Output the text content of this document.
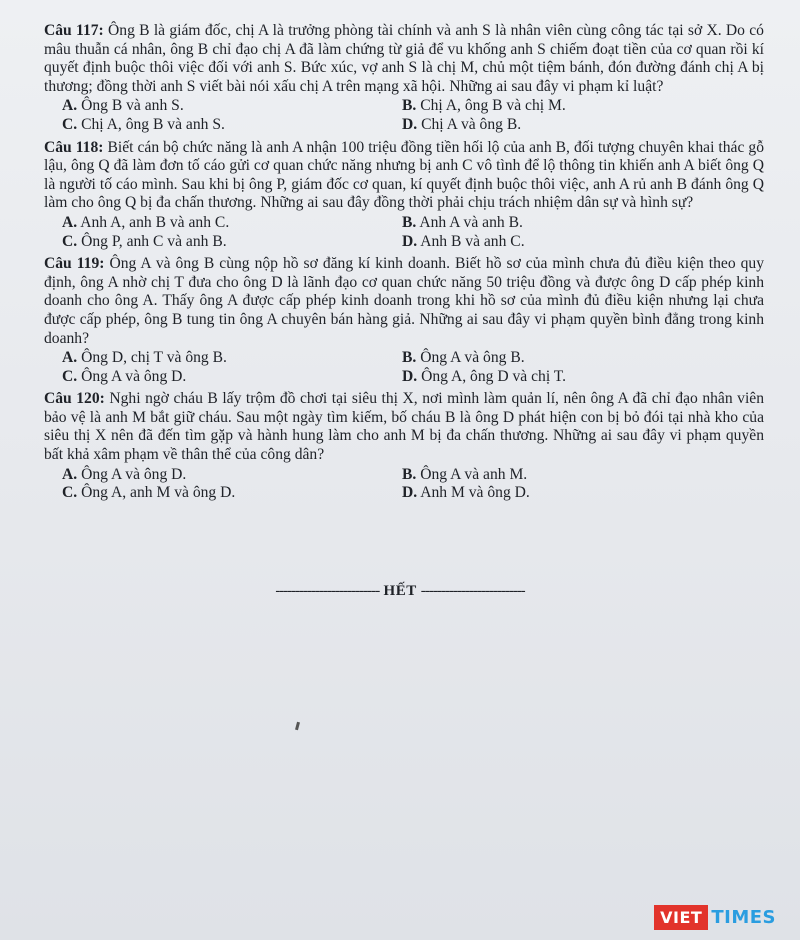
Câu 117: Ông B là giám đốc, chị A là trưởng phòng tài chính và anh S là nhân viên cùng công tác tại sở X. Do có mâu thuẫn cá nhân, ông B chỉ đạo chị A đã làm chứng từ giả để vu khống anh S chiếm đoạt tiền của cơ quan rồi kí quyết định buộc thôi việc đối với anh S. Bức xúc, vợ anh S là chị M, chủ một tiệm bánh, đón đường đánh chị A bị thương; đồng thời anh S viết bài nói xấu chị A trên mạng xã hội. Những ai sau đây vi phạm kỉ luật?

A. Ông B và anh S.	B. Chị A, ông B và chị M.
C. Chị A, ông B và anh S.	D. Chị A và ông B.

Câu 118: Biết cán bộ chức năng là anh A nhận 100 triệu đồng tiền hối lộ của anh B, đối tượng chuyên khai thác gỗ lậu, ông Q đã làm đơn tố cáo gửi cơ quan chức năng nhưng bị anh C vô tình để lộ thông tin khiến anh A biết ông Q là người tố cáo mình. Sau khi bị ông P, giám đốc cơ quan, kí quyết định buộc thôi việc, anh A rủ anh B đánh ông Q làm cho ông Q bị đa chấn thương. Những ai sau đây đồng thời phải chịu trách nhiệm dân sự và hình sự?

A. Anh A, anh B và anh C.	B. Anh A và anh B.
C. Ông P, anh C và anh B.	D. Anh B và anh C.

Câu 119: Ông A và ông B cùng nộp hồ sơ đăng kí kinh doanh. Biết hồ sơ của mình chưa đủ điều kiện theo quy định, ông A nhờ chị T đưa cho ông D là lãnh đạo cơ quan chức năng 50 triệu đồng và được ông D cấp phép kinh doanh cho ông A. Thấy ông A được cấp phép kinh doanh trong khi hồ sơ của mình đủ điều kiện nhưng lại chưa được cấp phép, ông B tung tin ông A chuyên bán hàng giả. Những ai sau đây vi phạm quyền bình đẳng trong kinh doanh?

A. Ông D, chị T và ông B.	B. Ông A và ông B.
C. Ông A và ông D.	D. Ông A, ông D và chị T.

Câu 120: Nghi ngờ cháu B lấy trộm đồ chơi tại siêu thị X, nơi mình làm quản lí, nên ông A đã chỉ đạo nhân viên bảo vệ là anh M bắt giữ cháu. Sau một ngày tìm kiếm, bố cháu B là ông D phát hiện con bị bỏ đói tại nhà kho của siêu thị X nên đã đến tìm gặp và hành hung làm cho anh M bị đa chấn thương. Những ai sau đây vi phạm quyền bất khả xâm phạm về thân thể của công dân?

A. Ông A và ông D.	B. Ông A và anh M.
C. Ông A, anh M và ông D.	D. Anh M và ông D.
-------------------------- HẾT --------------------------
VIET TIMES
